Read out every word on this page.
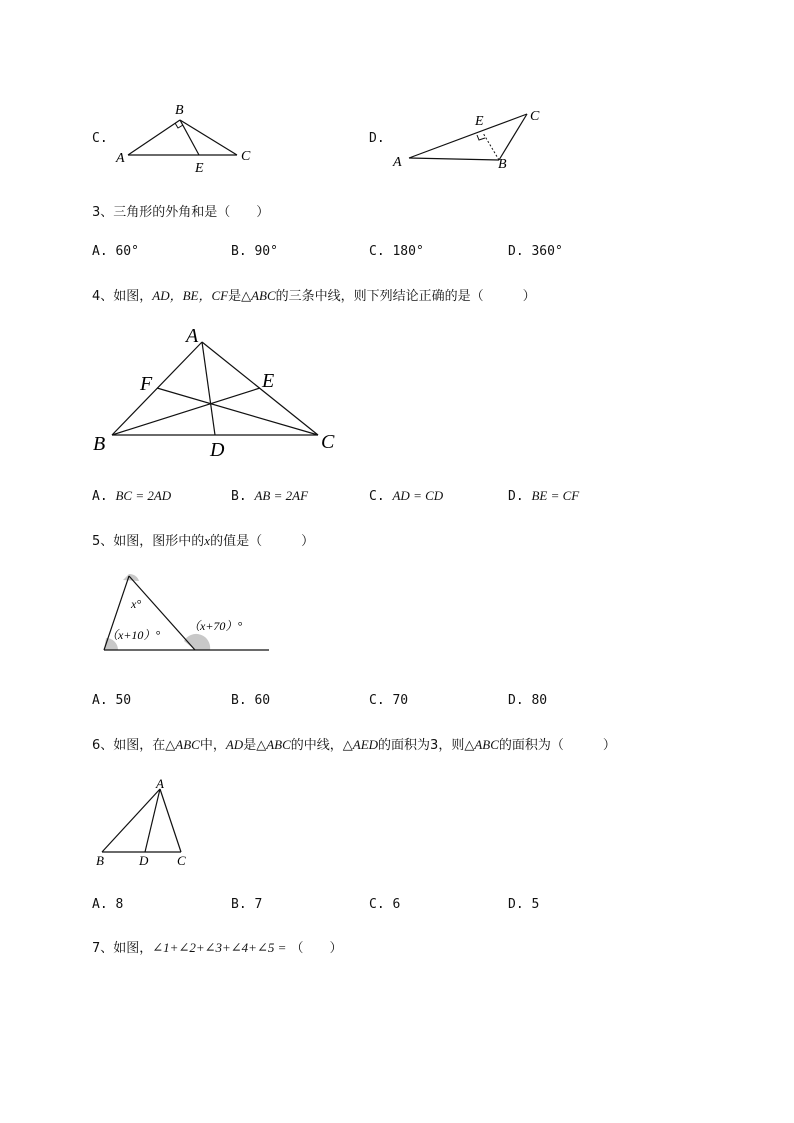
C.
A
B
C
E
D.
A	B
C
E
3、三角形的外角和是（　　）
A. 60°	B. 90°	C. 180°	D. 360°
4、如图，AD，BE，CF是△ABC的三条中线，则下列结论正确的是（　　　）
A
B	C
D
E
F
A. BC = 2AD	B. AB = 2AF	C. AD = CD	D. BE = CF
5、如图，图形中的x的值是（　　　）
x°
（x+10）°
（x+70）°
A. 50	B. 60	C. 70	D. 80
6、如图，在△ABC中，AD是△ABC的中线，△AED的面积为3，则△ABC的面积为（　　　）
A
B	C
D
A. 8	B. 7	C. 6	D. 5
7、如图，∠1+∠2+∠3+∠4+∠5 = （　　）
